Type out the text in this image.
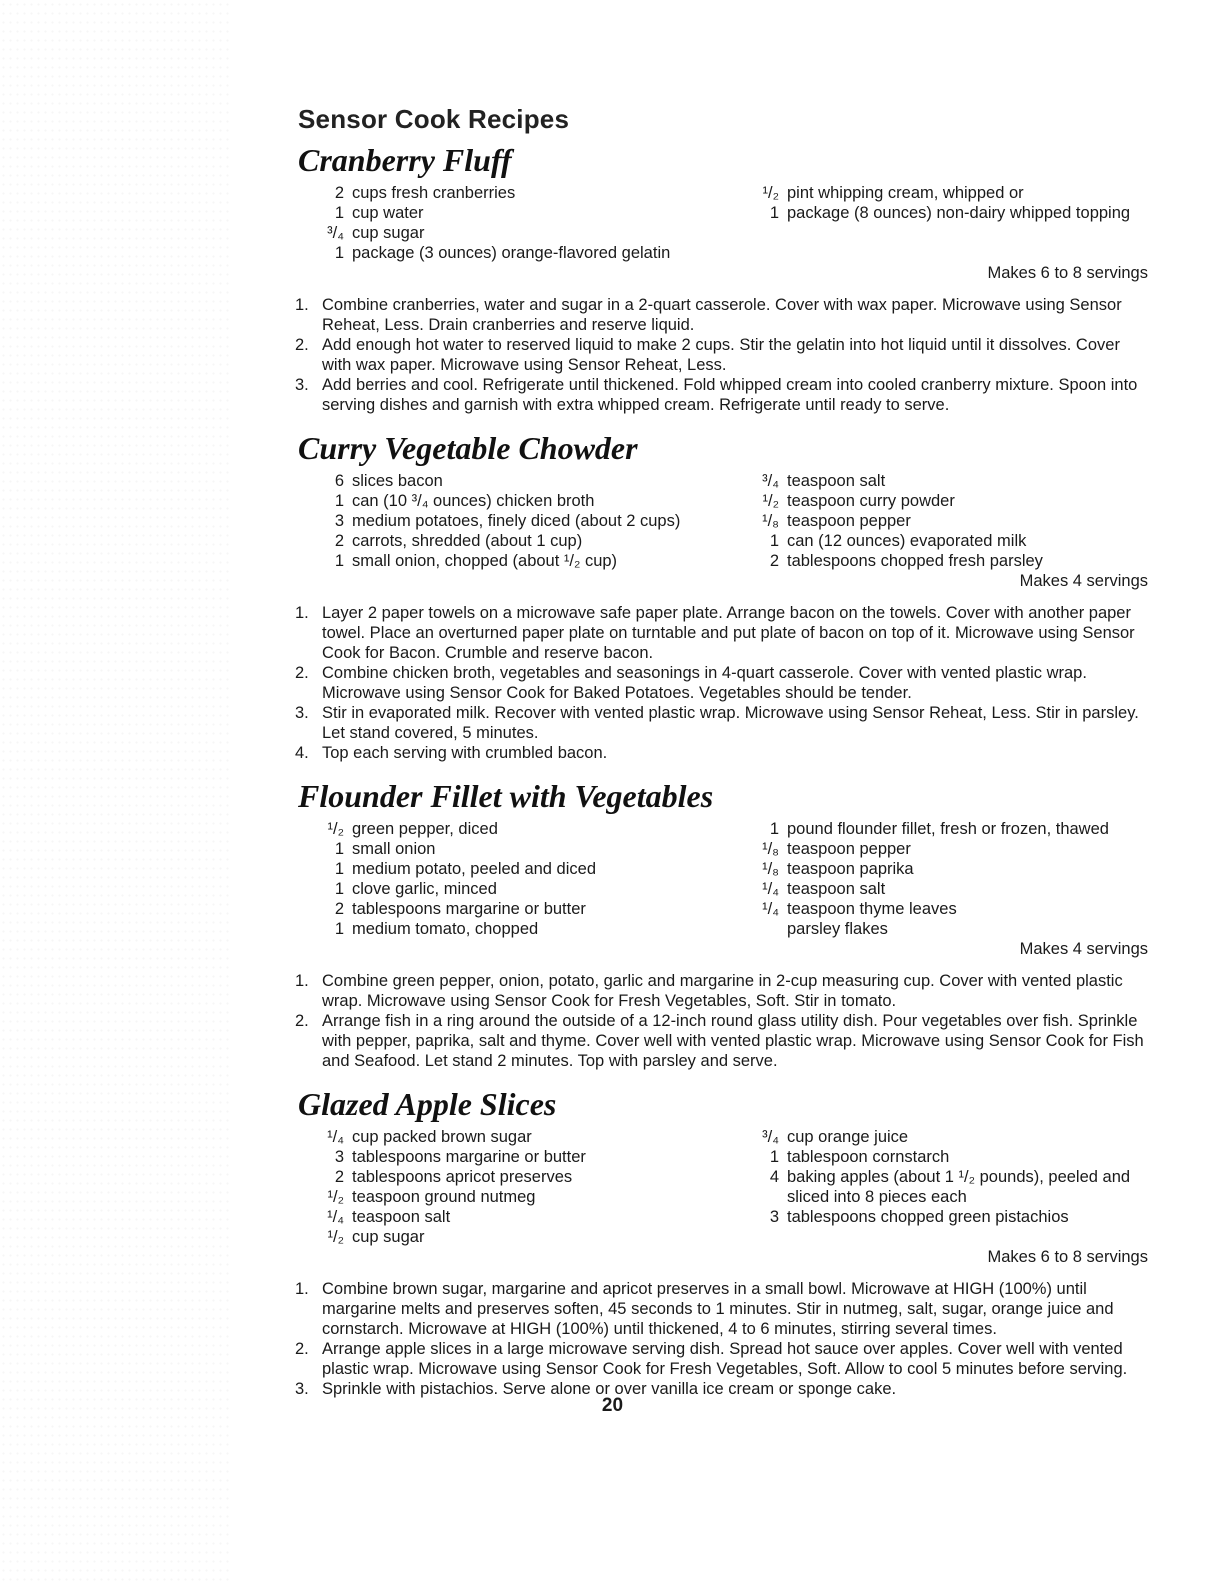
Sensor Cook Recipes
Cranberry Fluff
2 cups fresh cranberries
1 cup water
³/₄ cup sugar
1 package (3 ounces) orange-flavored gelatin
¹/₂ pint whipping cream, whipped or
1 package (8 ounces) non-dairy whipped topping
Makes 6 to 8 servings
1. Combine cranberries, water and sugar in a 2-quart casserole. Cover with wax paper. Microwave using Sensor Reheat, Less. Drain cranberries and reserve liquid.
2. Add enough hot water to reserved liquid to make 2 cups. Stir the gelatin into hot liquid until it dissolves. Cover with wax paper. Microwave using Sensor Reheat, Less.
3. Add berries and cool. Refrigerate until thickened. Fold whipped cream into cooled cranberry mixture. Spoon into serving dishes and garnish with extra whipped cream. Refrigerate until ready to serve.
Curry Vegetable Chowder
6 slices bacon
1 can (10 ³/₄ ounces) chicken broth
3 medium potatoes, finely diced (about 2 cups)
2 carrots, shredded (about 1 cup)
1 small onion, chopped (about ¹/₂ cup)
³/₄ teaspoon salt
¹/₂ teaspoon curry powder
¹/₈ teaspoon pepper
1 can (12 ounces) evaporated milk
2 tablespoons chopped fresh parsley
Makes 4 servings
1. Layer 2 paper towels on a microwave safe paper plate. Arrange bacon on the towels. Cover with another paper towel. Place an overturned paper plate on turntable and put plate of bacon on top of it. Microwave using Sensor Cook for Bacon. Crumble and reserve bacon.
2. Combine chicken broth, vegetables and seasonings in 4-quart casserole. Cover with vented plastic wrap. Microwave using Sensor Cook for Baked Potatoes. Vegetables should be tender.
3. Stir in evaporated milk. Recover with vented plastic wrap. Microwave using Sensor Reheat, Less. Stir in parsley. Let stand covered, 5 minutes.
4. Top each serving with crumbled bacon.
Flounder Fillet with Vegetables
¹/₂ green pepper, diced
1 small onion
1 medium potato, peeled and diced
1 clove garlic, minced
2 tablespoons margarine or butter
1 medium tomato, chopped
1 pound flounder fillet, fresh or frozen, thawed
¹/₈ teaspoon pepper
¹/₈ teaspoon paprika
¹/₄ teaspoon salt
¹/₄ teaspoon thyme leaves
parsley flakes
Makes 4 servings
1. Combine green pepper, onion, potato, garlic and margarine in 2-cup measuring cup. Cover with vented plastic wrap. Microwave using Sensor Cook for Fresh Vegetables, Soft. Stir in tomato.
2. Arrange fish in a ring around the outside of a 12-inch round glass utility dish. Pour vegetables over fish. Sprinkle with pepper, paprika, salt and thyme. Cover well with vented plastic wrap. Microwave using Sensor Cook for Fish and Seafood. Let stand 2 minutes. Top with parsley and serve.
Glazed Apple Slices
¹/₄ cup packed brown sugar
3 tablespoons margarine or butter
2 tablespoons apricot preserves
¹/₂ teaspoon ground nutmeg
¹/₄ teaspoon salt
¹/₂ cup sugar
³/₄ cup orange juice
1 tablespoon cornstarch
4 baking apples (about 1 ¹/₂ pounds), peeled and sliced into 8 pieces each
3 tablespoons chopped green pistachios
Makes 6 to 8 servings
1. Combine brown sugar, margarine and apricot preserves in a small bowl. Microwave at HIGH (100%) until margarine melts and preserves soften, 45 seconds to 1 minutes. Stir in nutmeg, salt, sugar, orange juice and cornstarch. Microwave at HIGH (100%) until thickened, 4 to 6 minutes, stirring several times.
2. Arrange apple slices in a large microwave serving dish. Spread hot sauce over apples. Cover well with vented plastic wrap. Microwave using Sensor Cook for Fresh Vegetables, Soft. Allow to cool 5 minutes before serving.
3. Sprinkle with pistachios. Serve alone or over vanilla ice cream or sponge cake.
20
